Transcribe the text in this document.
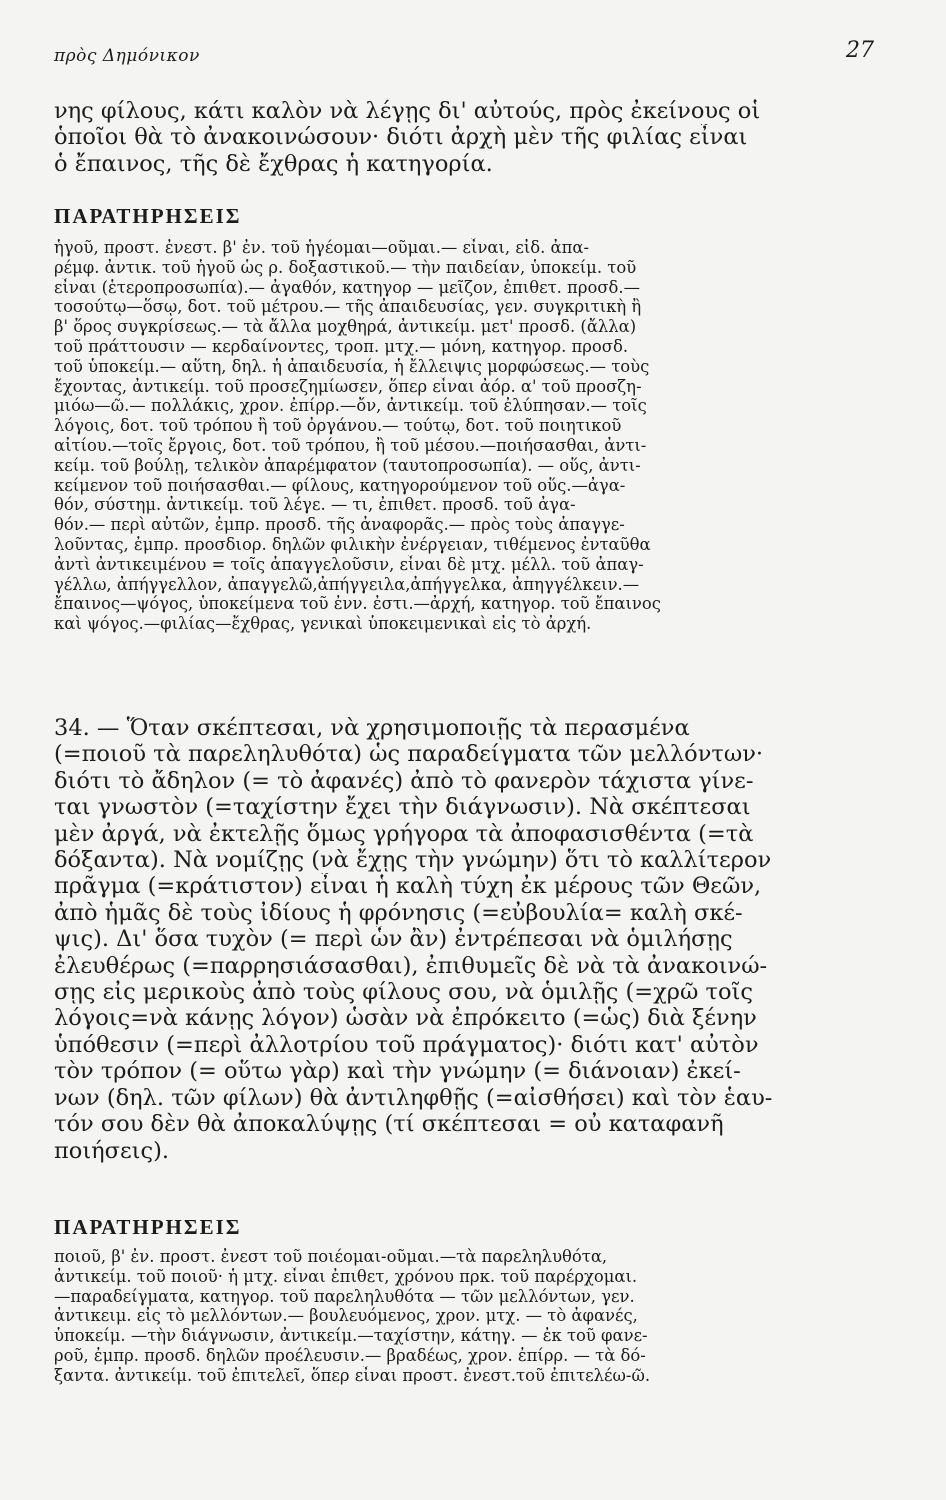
πρὸς Δημόνικον	27
νης φίλους, κάτι καλὸν νὰ λέγῃς δι' αὐτούς, πρὸς ἐκείνους οἱ
ὁποῖοι θὰ τὸ ἀνακοινώσουν· διότι ἀρχὴ μὲν τῆς φιλίας εἶναι
ὁ ἔπαινος, τῆς δὲ ἔχθρας ἡ κατηγορία.
ΠΑΡΑΤΗΡΗΣΕΙΣ
ἡγοῦ, προστ. ἐνεστ. β' ἐν. τοῦ ἡγέομαι—οῦμαι.— εἶναι, εἰδ. ἀπα-
ρέμφ. ἀντικ. τοῦ ἡγοῦ ὡς ρ. δοξαστικοῦ.— τὴν παιδείαν, ὑποκείμ. τοῦ
εἶναι (ἑτεροπροσωπία).— ἀγαθόν, κατηγορ — μεῖζον, ἐπιθετ. προσδ.—
τοσούτῳ—ὅσῳ, δοτ. τοῦ μέτρου.— τῆς ἀπαιδευσίας, γεν. συγκριτικὴ ἢ
β' ὅρος συγκρίσεως.— τὰ ἄλλα μοχθηρά, ἀντικείμ. μετ' προσδ. (ἄλλα)
τοῦ πράττουσιν — κερδαίνοντες, τροπ. μτχ.— μόνη, κατηγορ. προσδ.
τοῦ ὑποκείμ.— αὕτη, δηλ. ἡ ἀπαιδευσία, ἡ ἔλλειψις μορφώσεως.— τοὺς
ἔχοντας, ἀντικείμ. τοῦ προσεζημίωσεν, ὅπερ εἶναι ἀόρ. α' τοῦ προσζη-
μιόω—ῶ.— πολλάκις, χρον. ἐπίρρ.—ὄν, ἀντικείμ. τοῦ ἐλύπησαν.— τοῖς
λόγοις, δοτ. τοῦ τρόπου ἢ τοῦ ὀργάνου.— τούτῳ, δοτ. τοῦ ποιητικοῦ
αἰτίου.—τοῖς ἔργοις, δοτ. τοῦ τρόπου, ἢ τοῦ μέσου.—ποιήσασθαι, ἀντι-
κείμ. τοῦ βούλῃ, τελικὸν ἀπαρέμφατον (ταυτοπροσωπία). — οὕς, ἀντι-
κείμενον τοῦ ποιήσασθαι.— φίλους, κατηγορούμενον τοῦ οὕς.—ἀγα-
θόν, σύστημ. ἀντικείμ. τοῦ λέγε. — τι, ἐπιθετ. προσδ. τοῦ ἀγα-
θόν.— περὶ αὐτῶν, ἐμπρ. προσδ. τῆς ἀναφορᾶς.— πρὸς τοὺς ἀπαγγε-
λοῦντας, ἐμπρ. προσδιορ. δηλῶν φιλικὴν ἐνέργειαν, τιθέμενος ἐνταῦθα
ἀντὶ ἀντικειμένου = τοῖς ἀπαγγελοῦσιν, εἶναι δὲ μτχ. μέλλ. τοῦ ἀπαγ-
γέλλω, ἀπήγγελλον, ἀπαγγελῶ,ἀπήγγειλα,ἀπήγγελκα, ἀπηγγέλκειν.—
ἔπαινος—ψόγος, ὑποκείμενα τοῦ ἐνν. ἐστι.—ἀρχή, κατηγορ. τοῦ ἔπαινος
καὶ ψόγος.—φιλίας—ἔχθρας, γενικαὶ ὑποκειμενικαὶ εἰς τὸ ἀρχή.
34. — Ὅταν σκέπτεσαι, νὰ χρησιμοποιῇς τὰ περασμένα
(=ποιοῦ τὰ παρεληλυθότα) ὡς παραδείγματα τῶν μελλόντων·
διότι τὸ ἄδηλον (= τὸ ἀφανές) ἀπὸ τὸ φανερὸν τάχιστα γίνε-
ται γνωστὸν (=ταχίστην ἔχει τὴν διάγνωσιν). Νὰ σκέπτεσαι
μὲν ἀργά, νὰ ἐκτελῇς ὅμως γρήγορα τὰ ἀποφασισθέντα (=τὰ
δόξαντα). Νὰ νομίζῃς (νὰ ἔχῃς τὴν γνώμην) ὅτι τὸ καλλίτερον
πρᾶγμα (=κράτιστον) εἶναι ἡ καλὴ τύχη ἐκ μέρους τῶν Θεῶν,
ἀπὸ ἡμᾶς δὲ τοὺς ἰδίους ἡ φρόνησις (=εὐβουλία= καλὴ σκέ-
ψις). Δι' ὅσα τυχὸν (= περὶ ὧν ἂν) ἐντρέπεσαι νὰ ὁμιλήσῃς
ἐλευθέρως (=παρρησιάσασθαι), ἐπιθυμεῖς δὲ νὰ τὰ ἀνακοινώ-
σῃς εἰς μερικοὺς ἀπὸ τοὺς φίλους σου, νὰ ὁμιλῇς (=χρῶ τοῖς
λόγοις=νὰ κάνῃς λόγον) ὡσὰν νὰ ἐπρόκειτο (=ὡς) διὰ ξένην
ὑπόθεσιν (=περὶ ἀλλοτρίου τοῦ πράγματος)· διότι κατ' αὐτὸν
τὸν τρόπον (= οὕτω γὰρ) καὶ τὴν γνώμην (= διάνοιαν) ἐκεί-
νων (δηλ. τῶν φίλων) θὰ ἀντιληφθῇς (=αἰσθήσει) καὶ τὸν ἑαυ-
τόν σου δὲν θὰ ἀποκαλύψῃς (τί σκέπτεσαι = οὐ καταφανῆ
ποιήσεις).
ΠΑΡΑΤΗΡΗΣΕΙΣ
ποιοῦ, β' ἐν. προστ. ἐνεστ τοῦ ποιέομαι-οῦμαι.—τὰ παρεληλυθότα,
ἀντικείμ. τοῦ ποιοῦ· ἡ μτχ. εἶναι ἐπιθετ, χρόνου πρκ. τοῦ παρέρχομαι.
—παραδείγματα, κατηγορ. τοῦ παρεληλυθότα — τῶν μελλόντων, γεν.
ἀντικειμ. εἰς τὸ μελλόντων.— βουλευόμενος, χρον. μτχ. — τὸ ἀφανές,
ὑποκείμ. —τὴν διάγνωσιν, ἀντικείμ.—ταχίστην, κάτηγ. — ἐκ τοῦ φανε-
ροῦ, ἐμπρ. προσδ. δηλῶν προέλευσιν.— βραδέως, χρον. ἐπίρρ. — τὰ δό-
ξαντα. ἀντικείμ. τοῦ ἐπιτελεῖ, ὅπερ εἶναι προστ. ἐνεστ.τοῦ ἐπιτελέω-ῶ.
